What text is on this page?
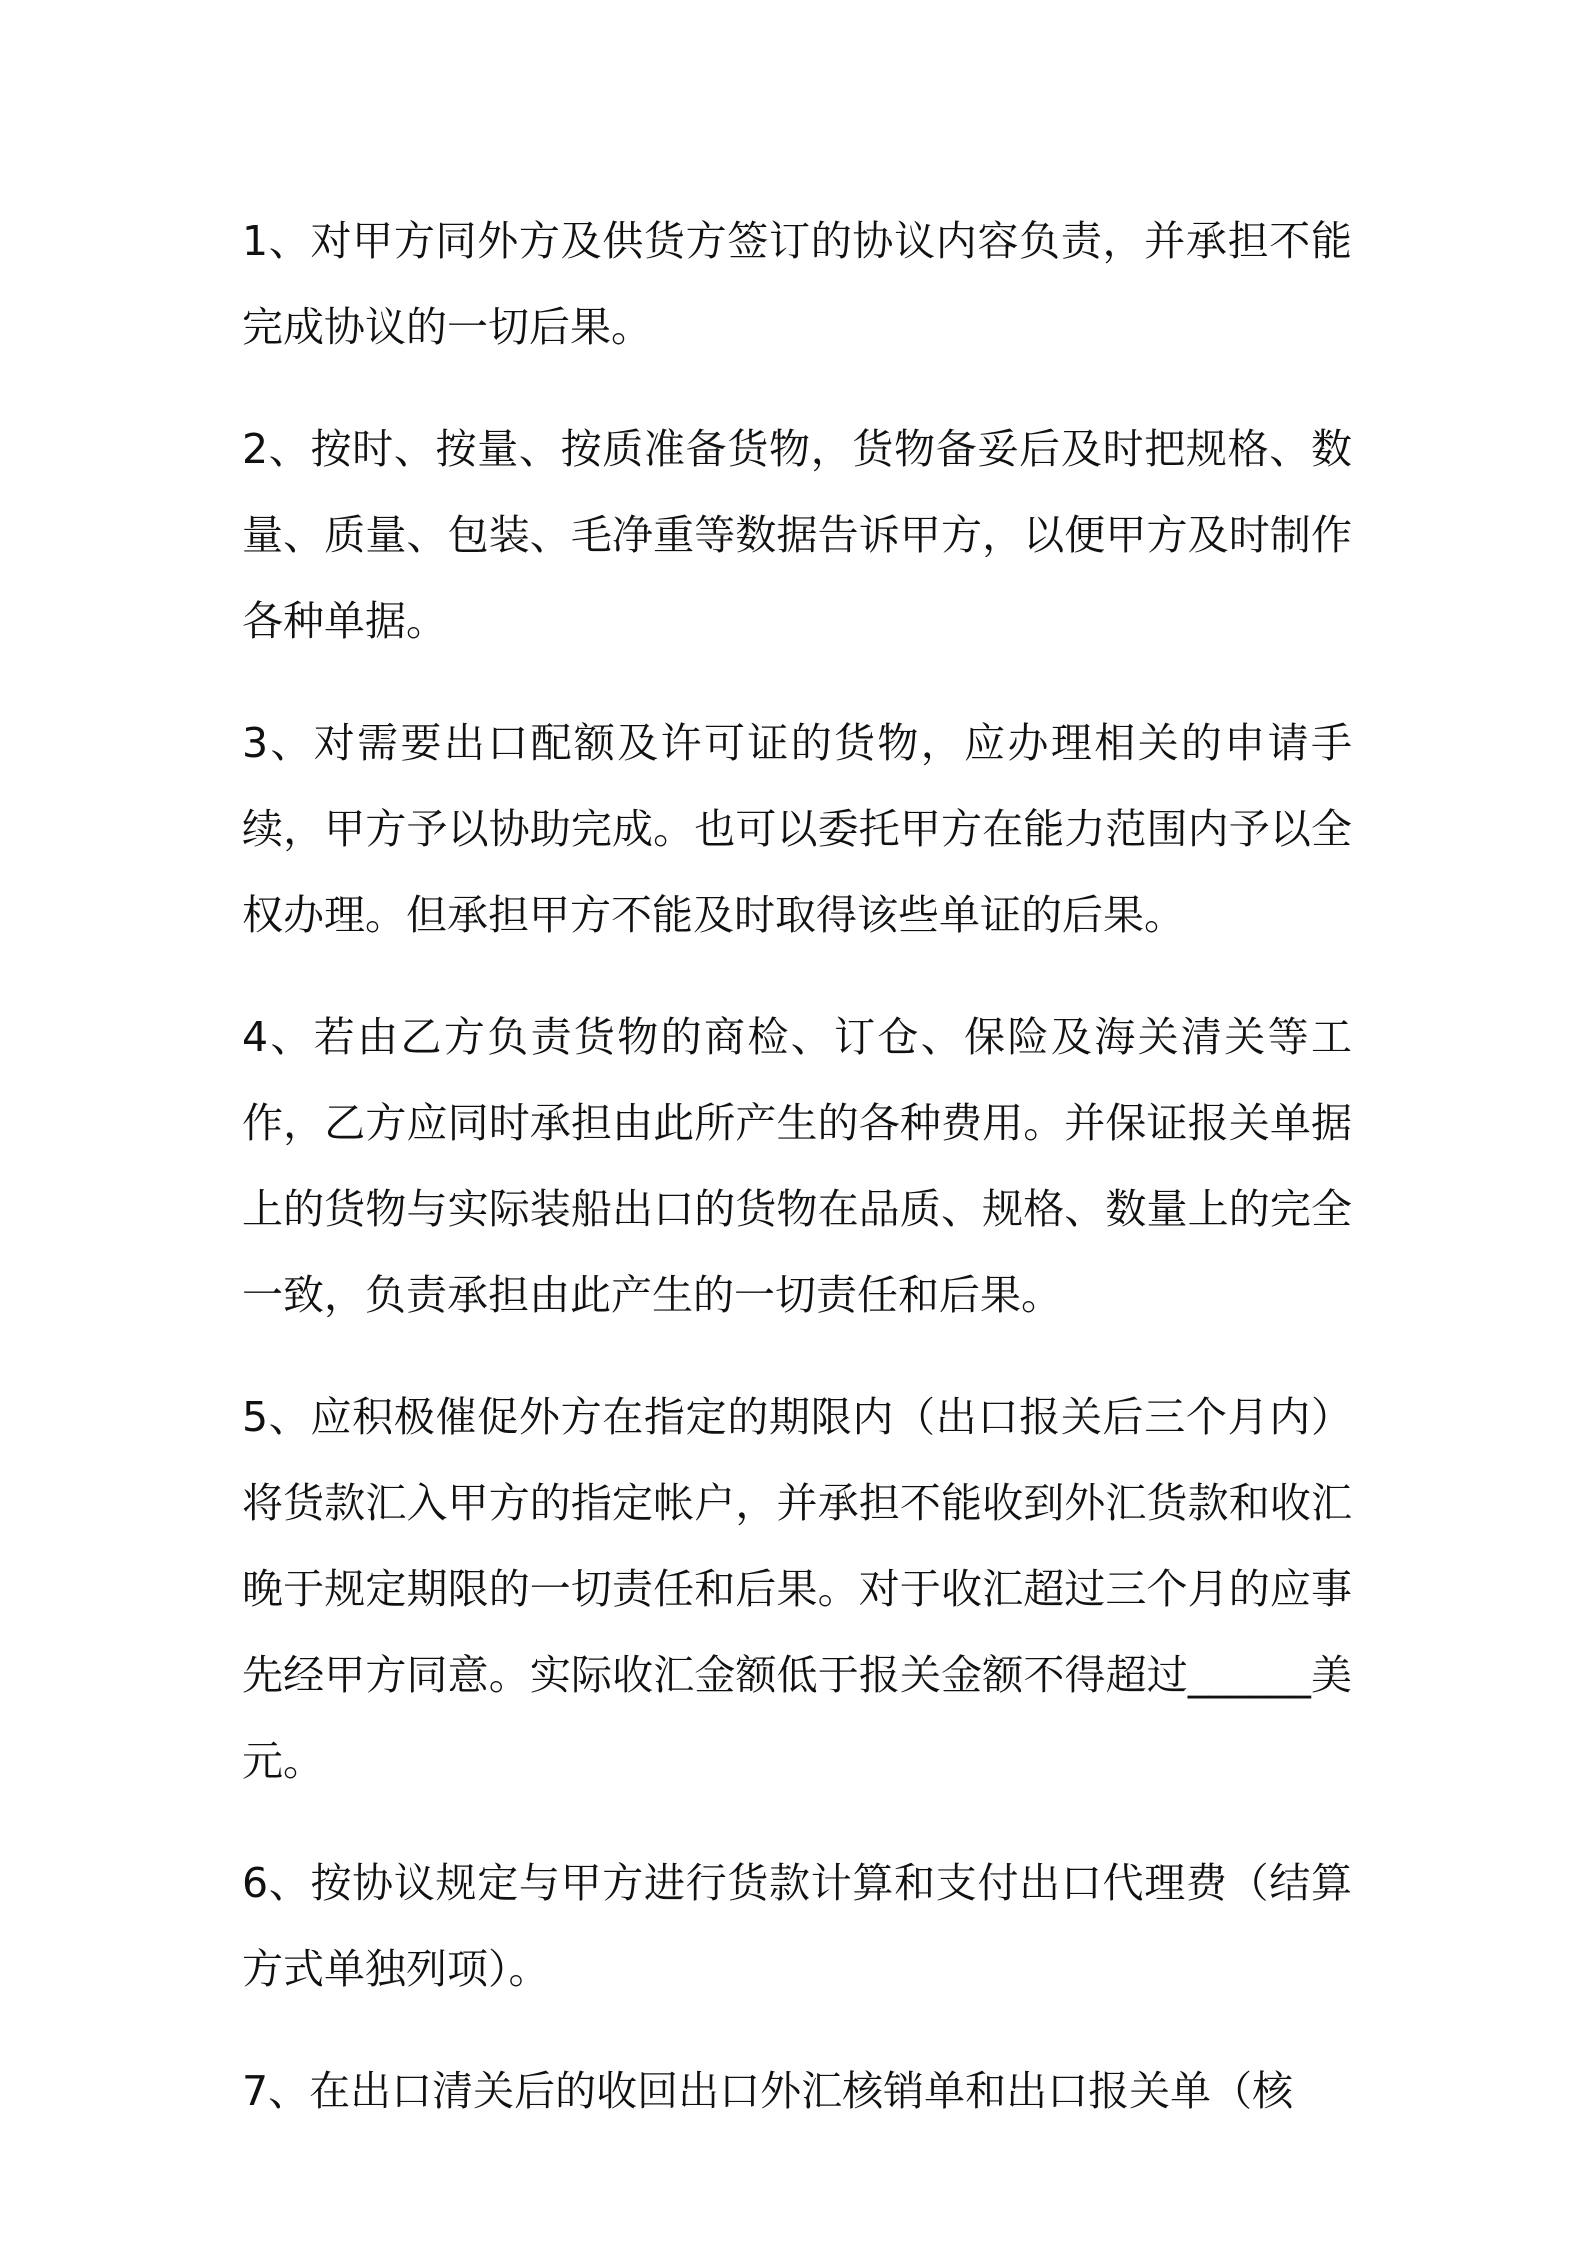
1、对甲方同外方及供货方签订的协议内容负责，并承担不能完成协议的一切后果。

2、按时、按量、按质准备货物，货物备妥后及时把规格、数量、质量、包装、毛净重等数据告诉甲方，以便甲方及时制作各种单据。

3、对需要出口配额及许可证的货物，应办理相关的申请手续，甲方予以协助完成。也可以委托甲方在能力范围内予以全权办理。但承担甲方不能及时取得该些单证的后果。

4、若由乙方负责货物的商检、订仓、保险及海关清关等工作，乙方应同时承担由此所产生的各种费用。并保证报关单据上的货物与实际装船出口的货物在品质、规格、数量上的完全一致，负责承担由此产生的一切责任和后果。

5、应积极催促外方在指定的期限内（出口报关后三个月内）将货款汇入甲方的指定帐户，并承担不能收到外汇货款和收汇晚于规定期限的一切责任和后果。对于收汇超过三个月的应事先经甲方同意。实际收汇金额低于报关金额不得超过______美元。

6、按协议规定与甲方进行货款计算和支付出口代理费（结算方式单独列项）。

7、在出口清关后的收回出口外汇核销单和出口报关单（核
